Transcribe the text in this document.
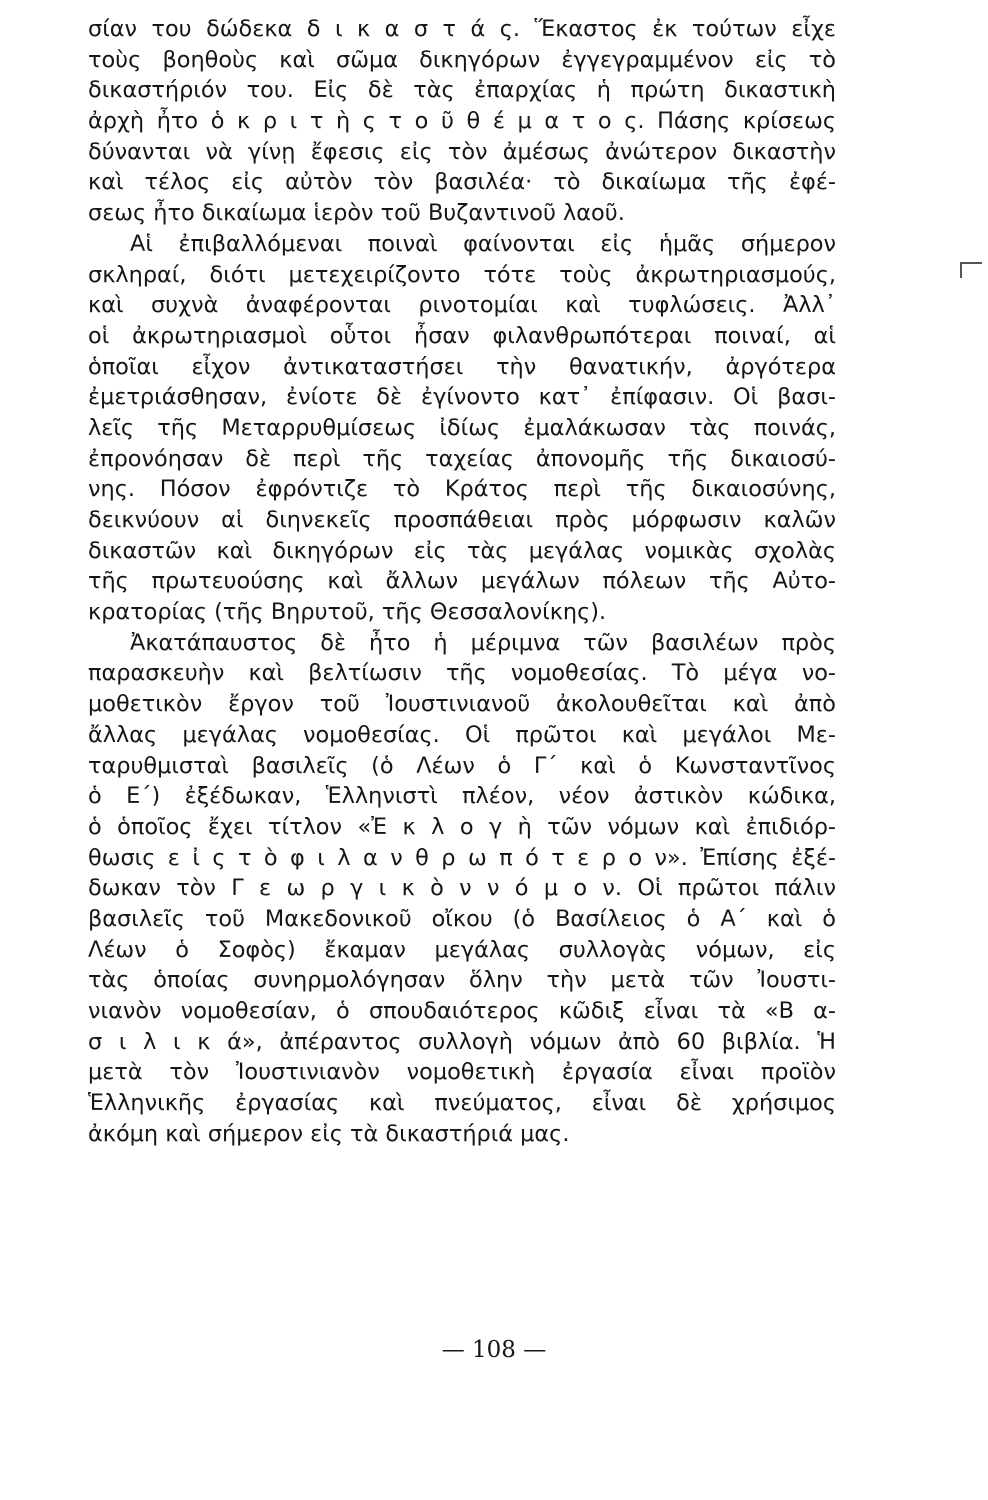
σίαν του δώδεκα δ ι κ α σ τ ά ς. Ἕκαστος ἐκ τούτων εἶχε
τοὺς βοηθοὺς καὶ σῶμα δικηγόρων ἐγγεγραμμένον εἰς τὸ
δικαστήριόν του. Εἰς δὲ τὰς ἐπαρχίας ἡ πρώτη δικαστικὴ
ἀρχὴ ἦτο ὁ κ ρ ι τ ὴ ς τ ο ῦ θ έ μ α τ ο ς. Πάσης κρίσεως
δύνανται νὰ γίνῃ ἔφεσις εἰς τὸν ἀμέσως ἀνώτερον δικαστὴν
καὶ τέλος εἰς αὐτὸν τὸν βασιλέα· τὸ δικαίωμα τῆς ἐφέ-
σεως ἦτο δικαίωμα ἱερὸν τοῦ Βυζαντινοῦ λαοῦ.
Αἱ ἐπιβαλλόμεναι ποιναὶ φαίνονται εἰς ἡμᾶς σήμερον
σκληραί, διότι μετεχειρίζοντο τότε τοὺς ἀκρωτηριασμούς,
καὶ συχνὰ ἀναφέρονται ρινοτομίαι καὶ τυφλώσεις. Ἀλλ᾽
οἱ ἀκρωτηριασμοὶ οὗτοι ἦσαν φιλανθρωπότεραι ποιναί, αἱ
ὁποῖαι εἶχον ἀντικαταστήσει τὴν θανατικήν, ἀργότερα
ἐμετριάσθησαν, ἐνίοτε δὲ ἐγίνοντο κατ᾽ ἐπίφασιν. Οἱ βασι-
λεῖς τῆς Μεταρρυθμίσεως ἰδίως ἐμαλάκωσαν τὰς ποινάς,
ἐπρονόησαν δὲ περὶ τῆς ταχείας ἀπονομῆς τῆς δικαιοσύ-
νης. Πόσον ἐφρόντιζε τὸ Κράτος περὶ τῆς δικαιοσύνης,
δεικνύουν αἱ διηνεκεῖς προσπάθειαι πρὸς μόρφωσιν καλῶν
δικαστῶν καὶ δικηγόρων εἰς τὰς μεγάλας νομικὰς σχολὰς
τῆς πρωτευούσης καὶ ἄλλων μεγάλων πόλεων τῆς Αὐτο-
κρατορίας (τῆς Βηρυτοῦ, τῆς Θεσσαλονίκης).
Ἀκατάπαυστος δὲ ἦτο ἡ μέριμνα τῶν βασιλέων πρὸς
παρασκευὴν καὶ βελτίωσιν τῆς νομοθεσίας. Τὸ μέγα νο-
μοθετικὸν ἔργον τοῦ Ἰουστινιανοῦ ἀκολουθεῖται καὶ ἀπὸ
ἄλλας μεγάλας νομοθεσίας. Οἱ πρῶτοι καὶ μεγάλοι Με-
ταρυθμισταὶ βασιλεῖς (ὁ Λέων ὁ Γ´ καὶ ὁ Κωνσταντῖνος
ὁ Ε´) ἐξέδωκαν, Ἑλληνιστὶ πλέον, νέον ἀστικὸν κώδικα,
ὁ ὁποῖος ἔχει τίτλον «Ἐ κ λ ο γ ὴ τῶν νόμων καὶ ἐπιδιόρ-
θωσις ε ἰ ς τ ὸ φ ι λ α ν θ ρ ω π ό τ ε ρ ο ν». Ἐπίσης ἐξέ-
δωκαν τὸν Γ ε ω ρ γ ι κ ὸ ν ν ό μ ο ν. Οἱ πρῶτοι πάλιν
βασιλεῖς τοῦ Μακεδονικοῦ οἴκου (ὁ Βασίλειος ὁ Α´ καὶ ὁ
Λέων ὁ Σοφὸς) ἔκαμαν μεγάλας συλλογὰς νόμων, εἰς
τὰς ὁποίας συνηρμολόγησαν ὅλην τὴν μετὰ τῶν Ἰουστι-
νιανὸν νομοθεσίαν, ὁ σπουδαιότερος κῶδιξ εἶναι τὰ «Β α-
σ ι λ ι κ ά», ἀπέραντος συλλογὴ νόμων ἀπὸ 60 βιβλία. Ἡ
μετὰ τὸν Ἰουστινιανὸν νομοθετικὴ ἐργασία εἶναι προϊὸν
Ἑλληνικῆς ἐργασίας καὶ πνεύματος, εἶναι δὲ χρήσιμος
ἀκόμη καὶ σήμερον εἰς τὰ δικαστήριά μας.
— 108 —
